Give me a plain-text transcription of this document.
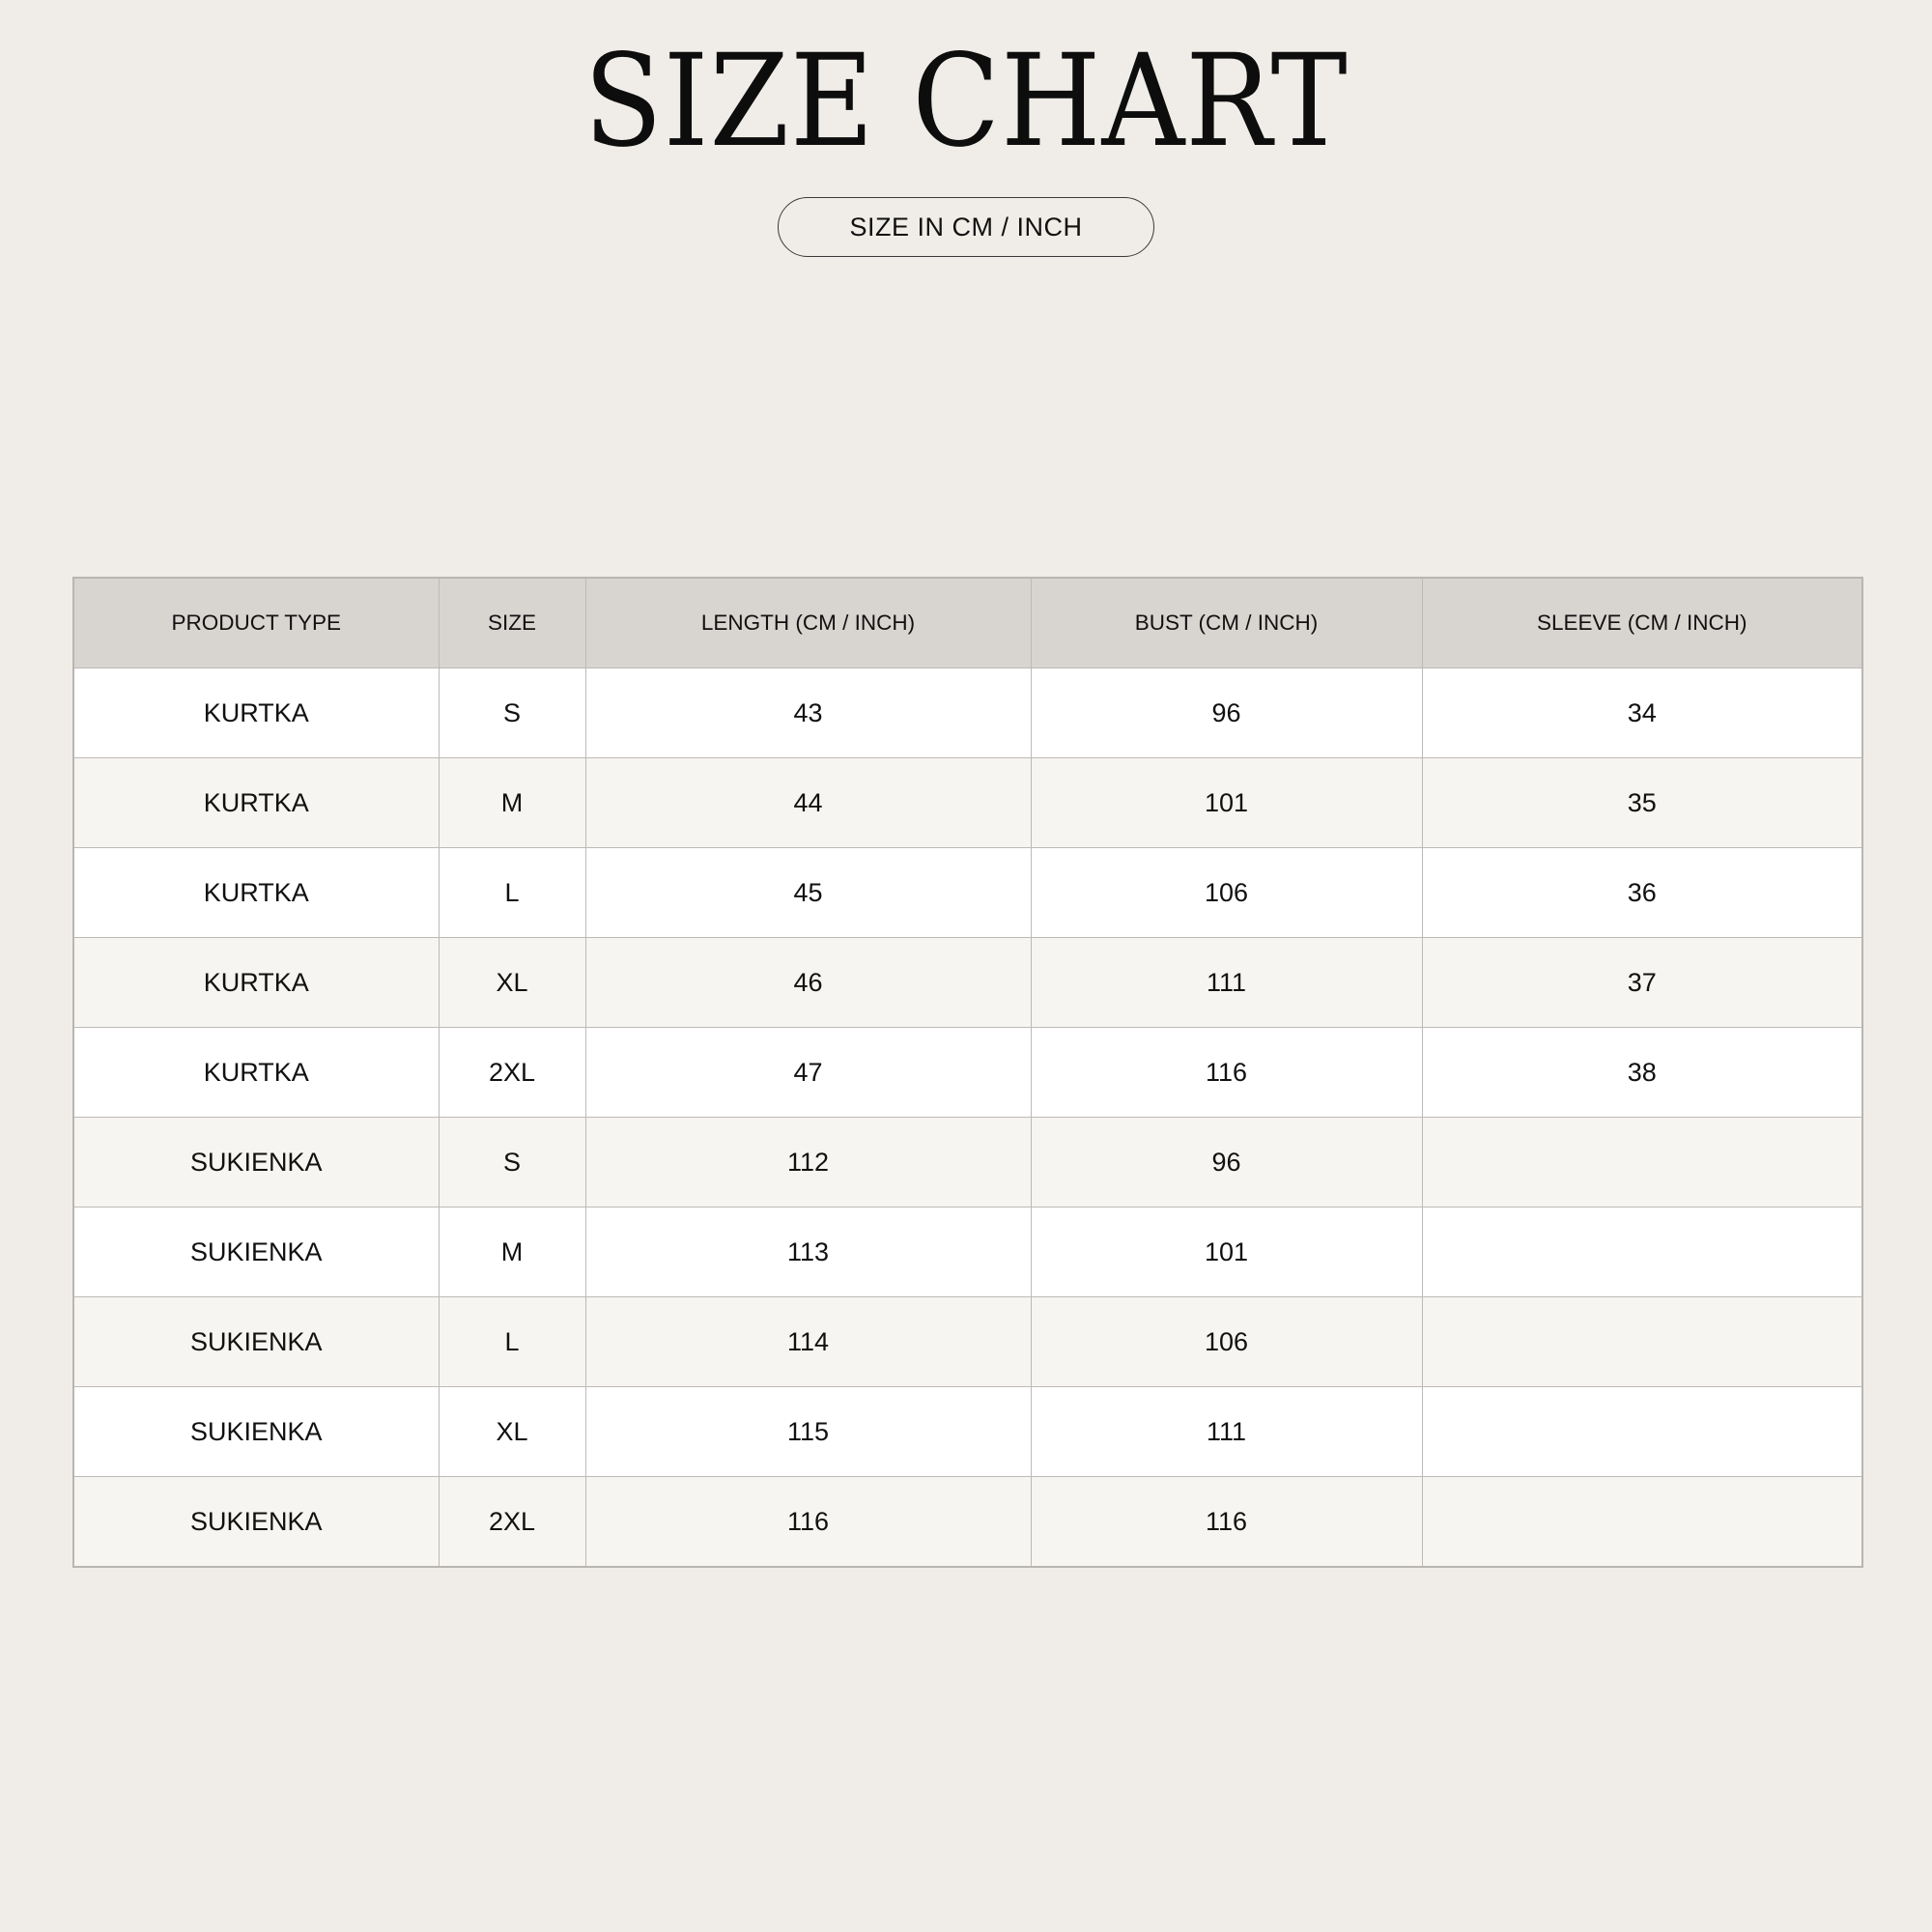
SIZE CHART
SIZE IN CM / INCH
PRODUCT TYPE	SIZE	LENGTH (CM / INCH)	BUST (CM / INCH)	SLEEVE (CM / INCH)
KURTKA	S	43	96	34
KURTKA	M	44	101	35
KURTKA	L	45	106	36
KURTKA	XL	46	111	37
KURTKA	2XL	47	116	38
SUKIENKA	S	112	96	
SUKIENKA	M	113	101	
SUKIENKA	L	114	106	
SUKIENKA	XL	115	111	
SUKIENKA	2XL	116	116	
